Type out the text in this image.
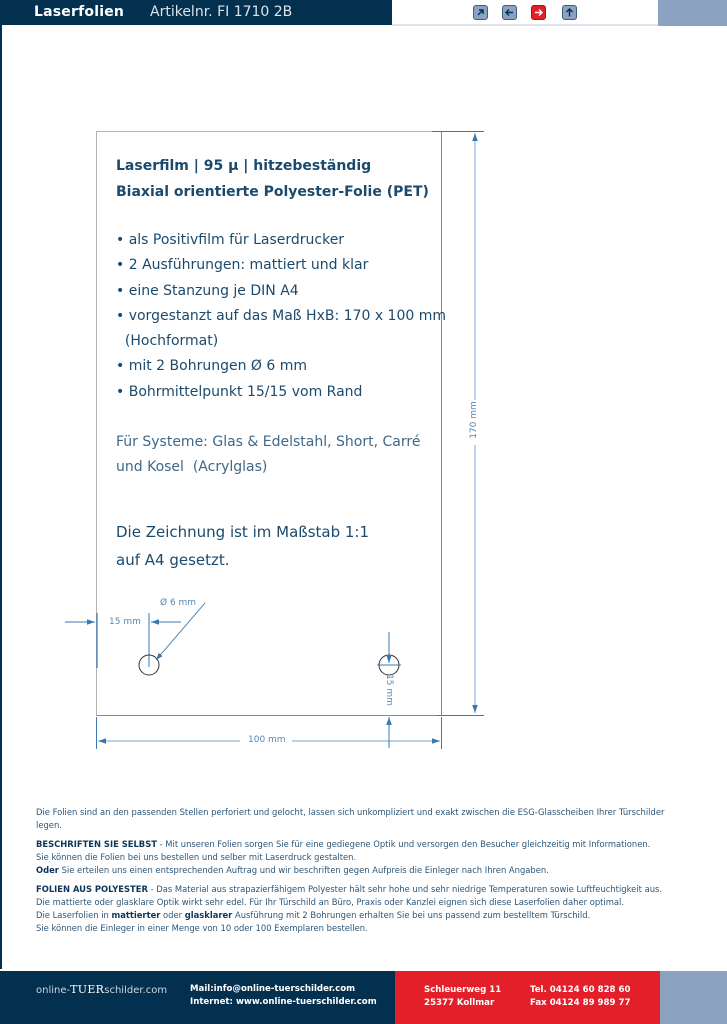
Laserfolien Artikelnr. FI 1710 2B
170 mm
100 mm
Ø 6 mm
15 mm
15 mm
Laserfilm | 95 µ | hitzebeständig
Biaxial orientierte Polyester-Folie (PET)
• als Positivfilm für Laserdrucker
• 2 Ausführungen: mattiert und klar
• eine Stanzung je DIN A4
• vorgestanzt auf das Maß HxB: 170 x 100 mm
(Hochformat)
• mit 2 Bohrungen Ø 6 mm
• Bohrmittelpunkt 15/15 vom Rand
Für Systeme: Glas & Edelstahl, Short, Carré
und Kosel  (Acrylglas)
Die Zeichnung ist im Maßstab 1:1
auf A4 gesetzt.

Die Folien sind an den passenden Stellen perforiert und gelocht, lassen sich unkompliziert und exakt zwischen die ESG-Glasscheiben Ihrer Türschilder legen.

BESCHRIFTEN SIE SELBST - Mit unseren Folien sorgen Sie für eine gediegene Optik und versorgen den Besucher gleichzeitig mit Informationen.
Sie können die Folien bei uns bestellen und selber mit Laserdruck gestalten.
Oder Sie erteilen uns einen entsprechenden Auftrag und wir beschriften gegen Aufpreis die Einleger nach Ihren Angaben.

FOLIEN AUS POLYESTER - Das Material aus strapazierfähigem Polyester hält sehr hohe und sehr niedrige Temperaturen sowie Luftfeuchtigkeit aus.
Die mattierte oder glasklare Optik wirkt sehr edel. Für Ihr Türschild an Büro, Praxis oder Kanzlei eignen sich diese Laserfolien daher optimal.
Die Laserfolien in mattierter oder glasklarer Ausführung mit 2 Bohrungen erhalten Sie bei uns passend zum bestelltem Türschild.
Sie können die Einleger in einer Menge von 10 oder 100 Exemplaren bestellen.

online-TUERschilder.com	Mail:info@online-tuerschilder.com
Internet: www.online-tuerschilder.com
Schleuerweg 11
25377 Kollmar
Tel. 04124 60 828 60
Fax 04124 89 989 77
